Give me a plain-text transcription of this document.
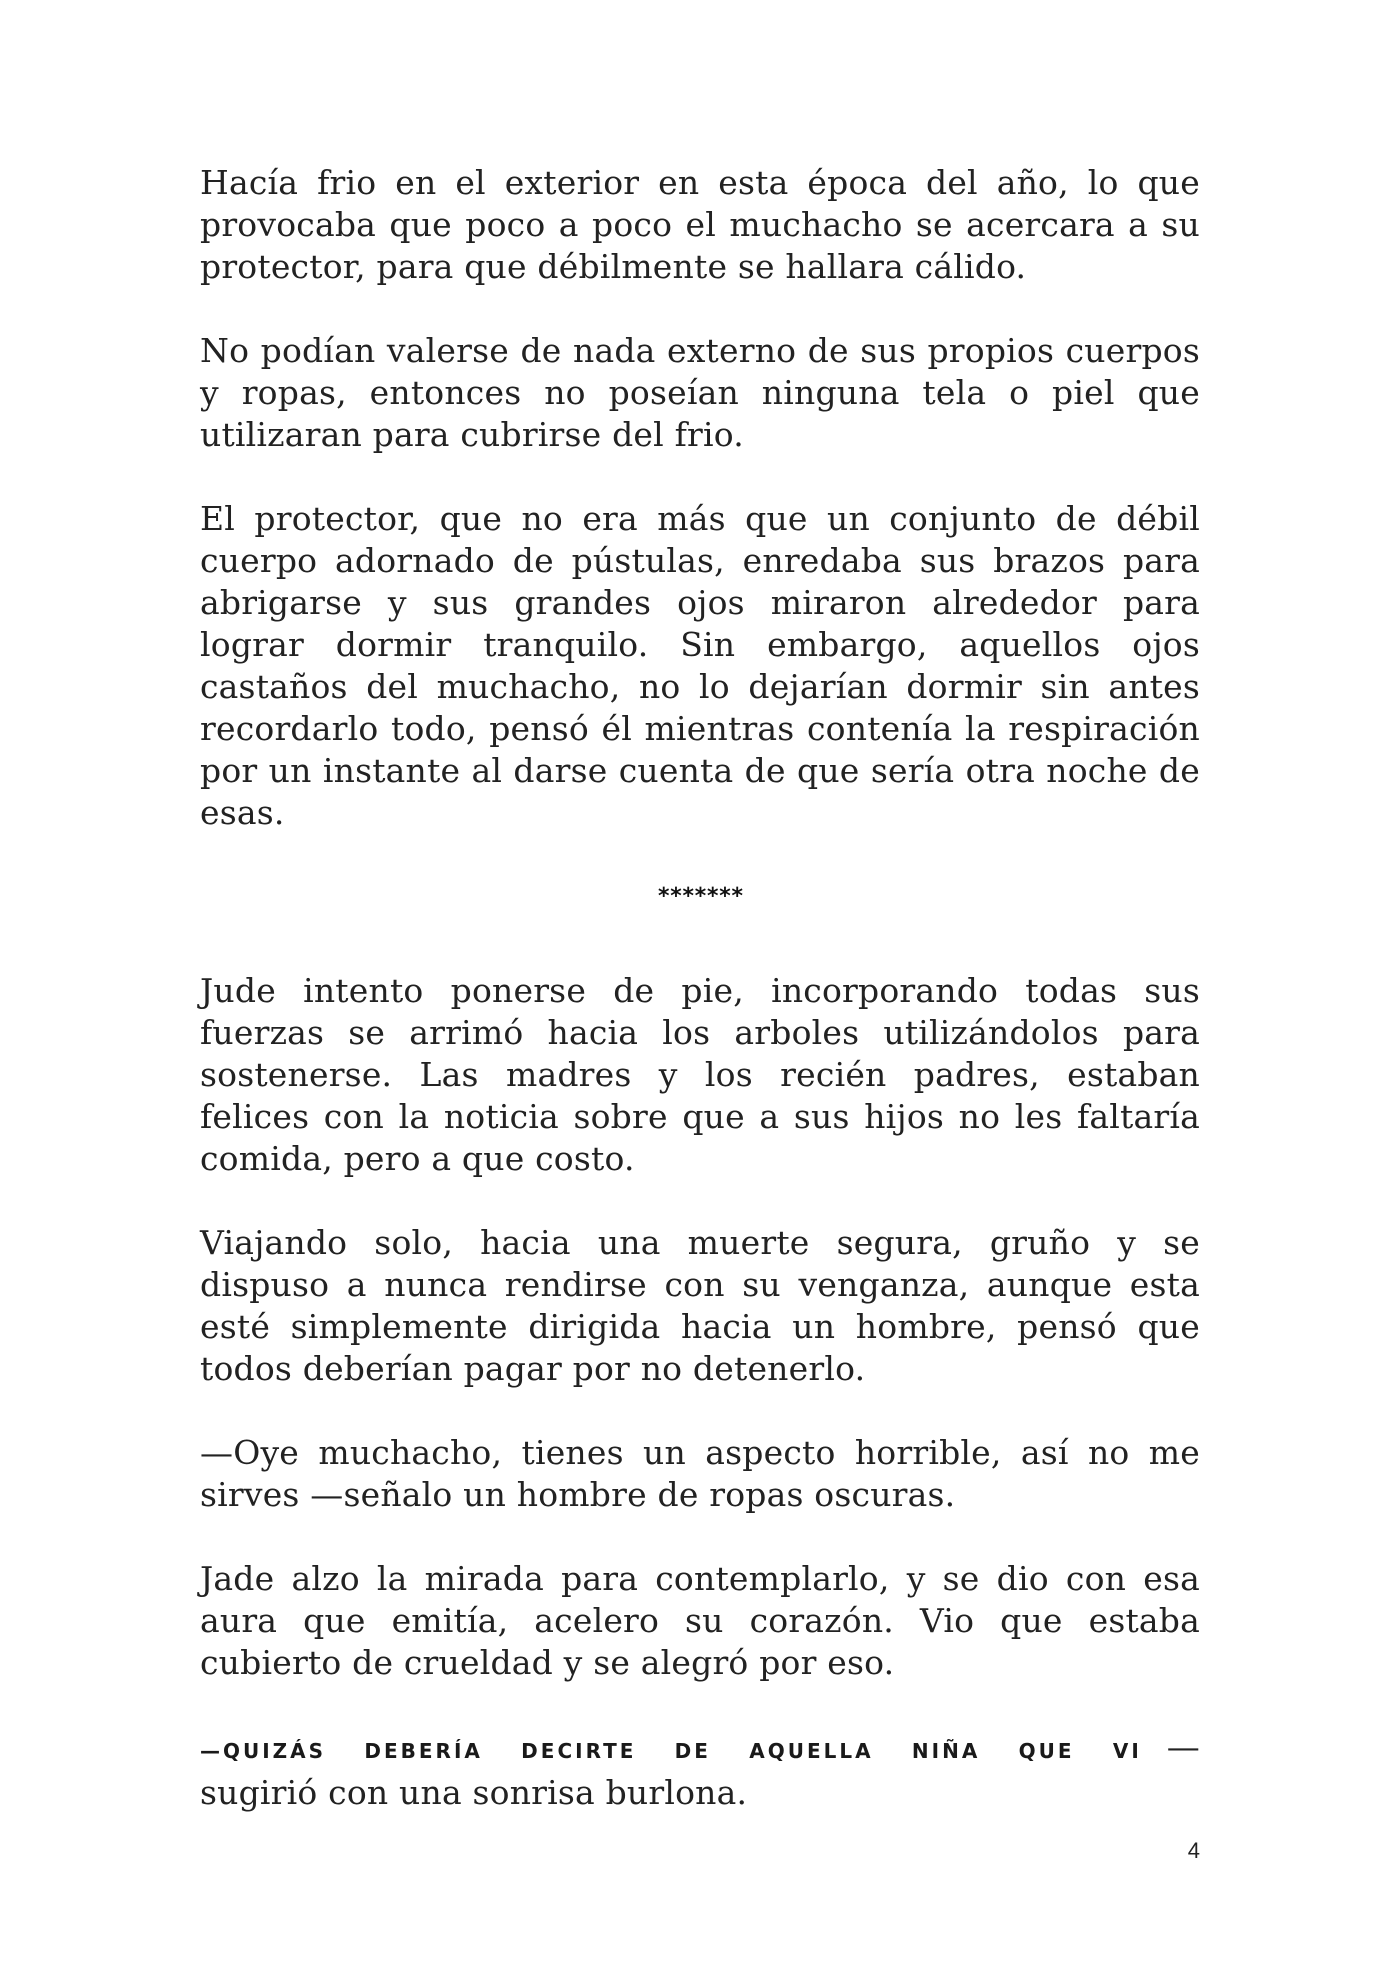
Hacía frio en el exterior en esta época del año, lo que provocaba que poco a poco el muchacho se acercara a su protector, para que débilmente se hallara cálido.

No podían valerse de nada externo de sus propios cuerpos y ropas, entonces no poseían ninguna tela o piel que utilizaran para cubrirse del frio.

El protector, que no era más que un conjunto de débil cuerpo adornado de pústulas, enredaba sus brazos para abrigarse y sus grandes ojos miraron alrededor para lograr dormir tranquilo. Sin embargo, aquellos ojos castaños del muchacho, no lo dejarían dormir sin antes recordarlo todo, pensó él mientras contenía la respiración por un instante al darse cuenta de que sería otra noche de esas.

*******

Jude intento ponerse de pie, incorporando todas sus fuerzas se arrimó hacia los arboles utilizándolos para sostenerse. Las madres y los recién padres, estaban felices con la noticia sobre que a sus hijos no les faltaría comida, pero a que costo.

Viajando solo, hacia una muerte segura, gruño y se dispuso a nunca rendirse con su venganza, aunque esta esté simplemente dirigida hacia un hombre, pensó que todos deberían pagar por no detenerlo.

—Oye muchacho, tienes un aspecto horrible, así no me sirves —señalo un hombre de ropas oscuras.

Jade alzo la mirada para contemplarlo, y se dio con esa aura que emitía, acelero su corazón. Vio que estaba cubierto de crueldad y se alegró por eso.

—QUIZÁS DEBERÍA DECIRTE DE AQUELLA NIÑA QUE VI —sugirió con una sonrisa burlona.

4
